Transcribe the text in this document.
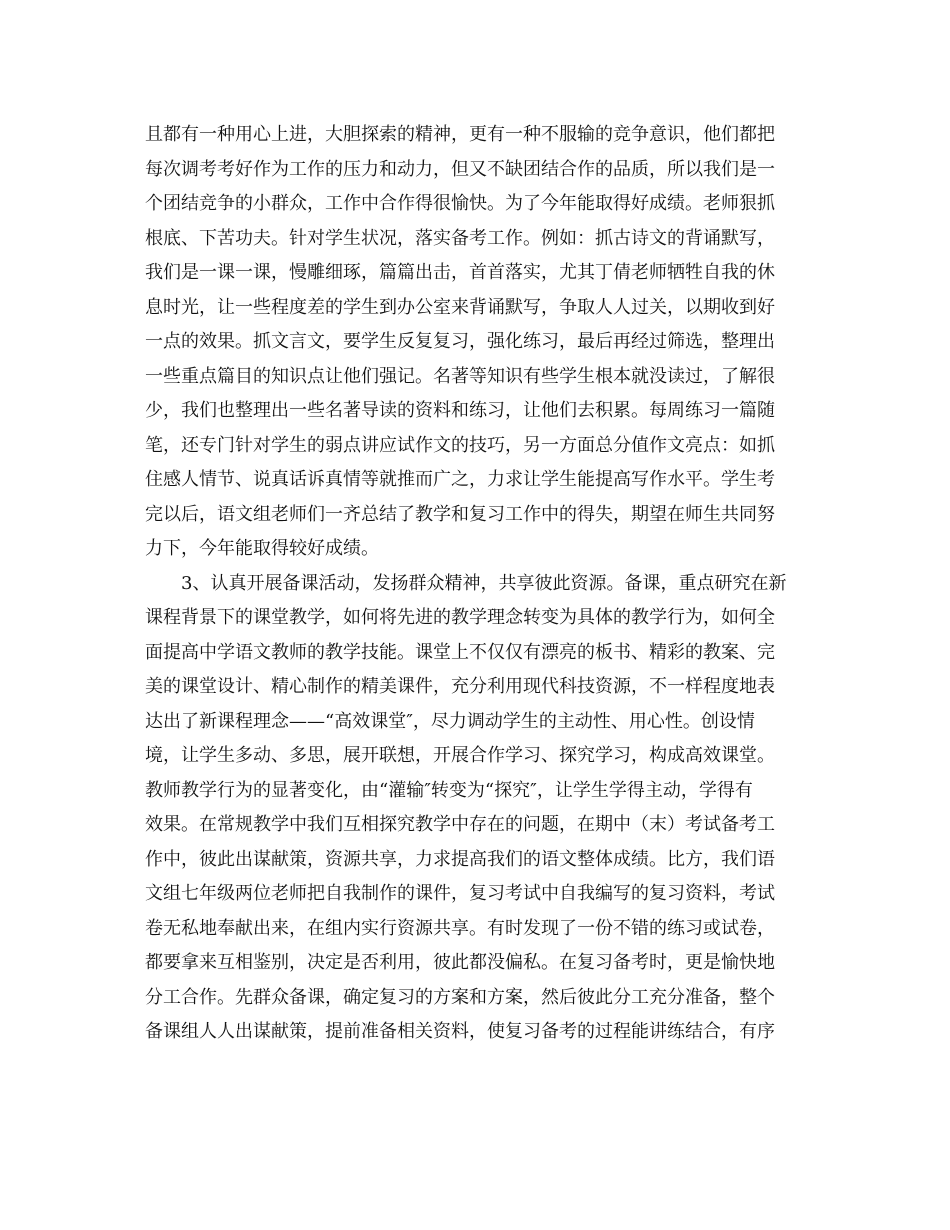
且都有一种用心上进，大胆探索的精神，更有一种不服输的竞争意识，他们都把
每次调考考好作为工作的压力和动力，但又不缺团结合作的品质，所以我们是一
个团结竞争的小群众，工作中合作得很愉快。为了今年能取得好成绩。老师狠抓
根底、下苦功夫。针对学生状况，落实备考工作。例如：抓古诗文的背诵默写，
我们是一课一课，慢雕细琢，篇篇出击，首首落实，尤其丁倩老师牺牲自我的休
息时光，让一些程度差的学生到办公室来背诵默写，争取人人过关，以期收到好
一点的效果。抓文言文，要学生反复复习，强化练习，最后再经过筛选，整理出
一些重点篇目的知识点让他们强记。名著等知识有些学生根本就没读过，了解很
少，我们也整理出一些名著导读的资料和练习，让他们去积累。每周练习一篇随
笔，还专门针对学生的弱点讲应试作文的技巧，另一方面总分值作文亮点：如抓
住感人情节、说真话诉真情等就推而广之，力求让学生能提高写作水平。学生考
完以后，语文组老师们一齐总结了教学和复习工作中的得失，期望在师生共同努
力下，今年能取得较好成绩。
　　3、认真开展备课活动，发扬群众精神，共享彼此资源。备课，重点研究在新
课程背景下的课堂教学，如何将先进的教学理念转变为具体的教学行为，如何全
面提高中学语文教师的教学技能。课堂上不仅仅有漂亮的板书、精彩的教案、完
美的课堂设计、精心制作的精美课件，充分利用现代科技资源，不一样程度地表
达出了新课程理念——“高效课堂″，尽力调动学生的主动性、用心性。创设情
境，让学生多动、多思，展开联想，开展合作学习、探究学习，构成高效课堂。
教师教学行为的显著变化，由“灌输″转变为“探究″，让学生学得主动，学得有
效果。在常规教学中我们互相探究教学中存在的问题，在期中（末）考试备考工
作中，彼此出谋献策，资源共享，力求提高我们的语文整体成绩。比方，我们语
文组七年级两位老师把自我制作的课件，复习考试中自我编写的复习资料，考试
卷无私地奉献出来，在组内实行资源共享。有时发现了一份不错的练习或试卷，
都要拿来互相鉴别，决定是否利用，彼此都没偏私。在复习备考时，更是愉快地
分工合作。先群众备课，确定复习的方案和方案，然后彼此分工充分准备，整个
备课组人人出谋献策，提前准备相关资料，使复习备考的过程能讲练结合，有序
